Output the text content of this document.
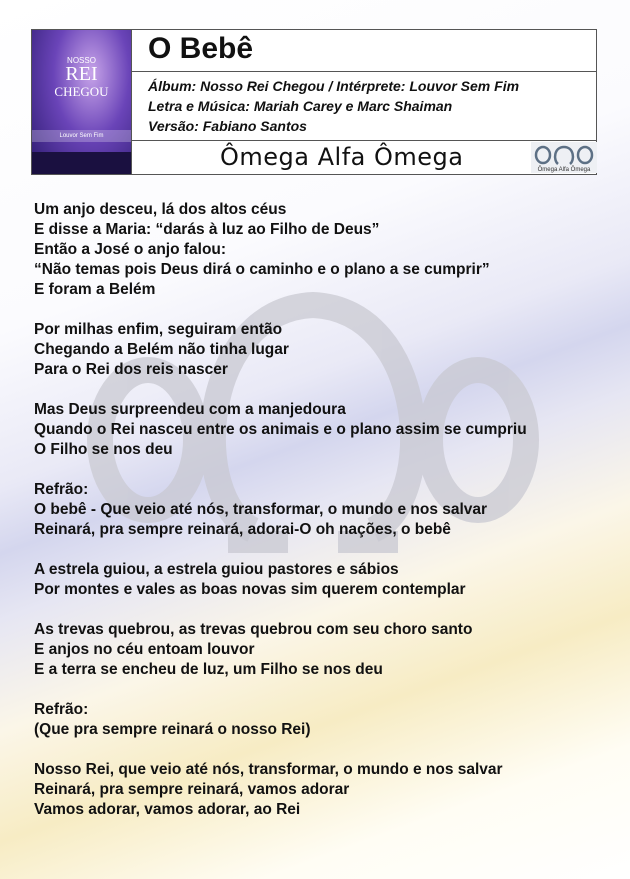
NOSSO
REI
CHEGOU
Louvor Sem Fim
O Bebê
Álbum: Nosso Rei Chegou / Intérprete: Louvor Sem Fim
Letra e Música: Mariah Carey e Marc Shaiman
Versão: Fabiano Santos
Ômega Alfa Ômega	Ômega Alfa Ômega
Um anjo desceu, lá dos altos céus
E disse a Maria: “darás à luz ao Filho de Deus”
Então a José o anjo falou:
“Não temas pois Deus dirá o caminho e o plano a se cumprir”
E foram a Belém
Por milhas enfim, seguiram então
Chegando a Belém não tinha lugar
Para o Rei dos reis nascer
Mas Deus surpreendeu com a manjedoura
Quando o Rei nasceu entre os animais e o plano assim se cumpriu
O Filho se nos deu
Refrão:
O bebê - Que veio até nós, transformar, o mundo e nos salvar
Reinará, pra sempre reinará, adorai-O oh nações, o bebê
A estrela guiou, a estrela guiou pastores e sábios
Por montes e vales as boas novas sim querem contemplar
As trevas quebrou, as trevas quebrou com seu choro santo
E anjos no céu entoam louvor
E a terra se encheu de luz, um Filho se nos deu
Refrão:
(Que pra sempre reinará o nosso Rei)
Nosso Rei, que veio até nós, transformar, o mundo e nos salvar
Reinará, pra sempre reinará, vamos adorar
Vamos adorar, vamos adorar, ao Rei
